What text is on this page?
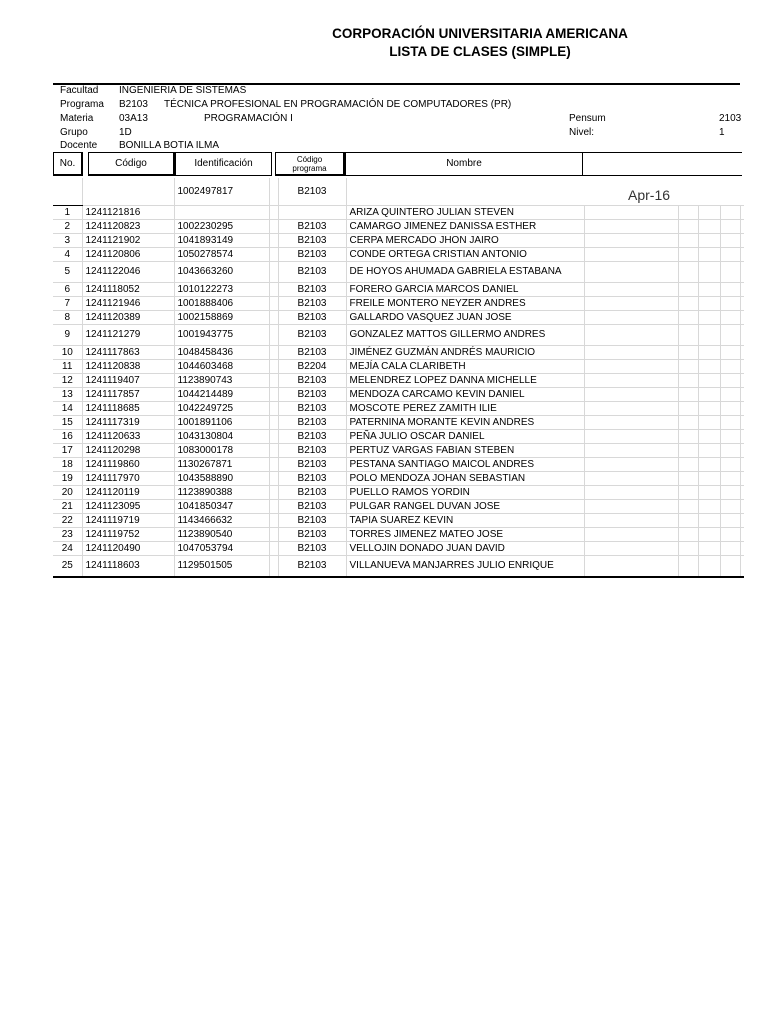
CORPORACIÓN UNIVERSITARIA AMERICANA
LISTA DE CLASES (SIMPLE)
Facultad INGENIERIA DE SISTEMAS
Programa B2103 TÉCNICA PROFESIONAL EN PROGRAMACIÓN DE COMPUTADORES (PR)
Materia	03A13	PROGRAMACIÓN I	Pensum	2103
Grupo	1D	Nivel:	1
Docente BONILLA BOTIA ILMA
No.	Código	Identificación	Código programa	Nombre
Apr-16
		1002497817		B2103						
1	1241121816				ARIZA QUINTERO JULIAN STEVEN					
2	1241120823	1002230295		B2103	CAMARGO JIMENEZ DANISSA ESTHER					
3	1241121902	1041893149		B2103	CERPA MERCADO JHON JAIRO					
4	1241120806	1050278574		B2103	CONDE ORTEGA CRISTIAN ANTONIO					
5	1241122046	1043663260		B2103	DE HOYOS AHUMADA GABRIELA ESTABANA					
6	1241118052	1010122273		B2103	FORERO GARCIA MARCOS DANIEL					
7	1241121946	1001888406		B2103	FREILE MONTERO NEYZER ANDRES					
8	1241120389	1002158869		B2103	GALLARDO VASQUEZ JUAN JOSE					
9	1241121279	1001943775		B2103	GONZALEZ MATTOS GILLERMO ANDRES					
10	1241117863	1048458436		B2103	JIMÉNEZ GUZMÁN ANDRÉS MAURICIO					
11	1241120838	1044603468		B2204	MEJÍA CALA CLARIBETH					
12	1241119407	1123890743		B2103	MELENDREZ LOPEZ DANNA MICHELLE					
13	1241117857	1044214489		B2103	MENDOZA CARCAMO KEVIN DANIEL					
14	1241118685	1042249725		B2103	MOSCOTE PEREZ ZAMITH ILIE					
15	1241117319	1001891106		B2103	PATERNINA MORANTE KEVIN ANDRES					
16	1241120633	1043130804		B2103	PEÑA JULIO OSCAR DANIEL					
17	1241120298	1083000178		B2103	PERTUZ VARGAS FABIAN STEBEN					
18	1241119860	1130267871		B2103	PESTANA SANTIAGO MAICOL ANDRES					
19	1241117970	1043588890		B2103	POLO MENDOZA JOHAN SEBASTIAN					
20	1241120119	1123890388		B2103	PUELLO RAMOS YORDIN					
21	1241123095	1041850347		B2103	PULGAR RANGEL DUVAN JOSE					
22	1241119719	1143466632		B2103	TAPIA SUAREZ KEVIN					
23	1241119752	1123890540		B2103	TORRES JIMENEZ MATEO JOSE					
24	1241120490	1047053794		B2103	VELLOJIN DONADO JUAN DAVID					
25	1241118603	1129501505		B2103	VILLANUEVA MANJARRES JULIO ENRIQUE					
